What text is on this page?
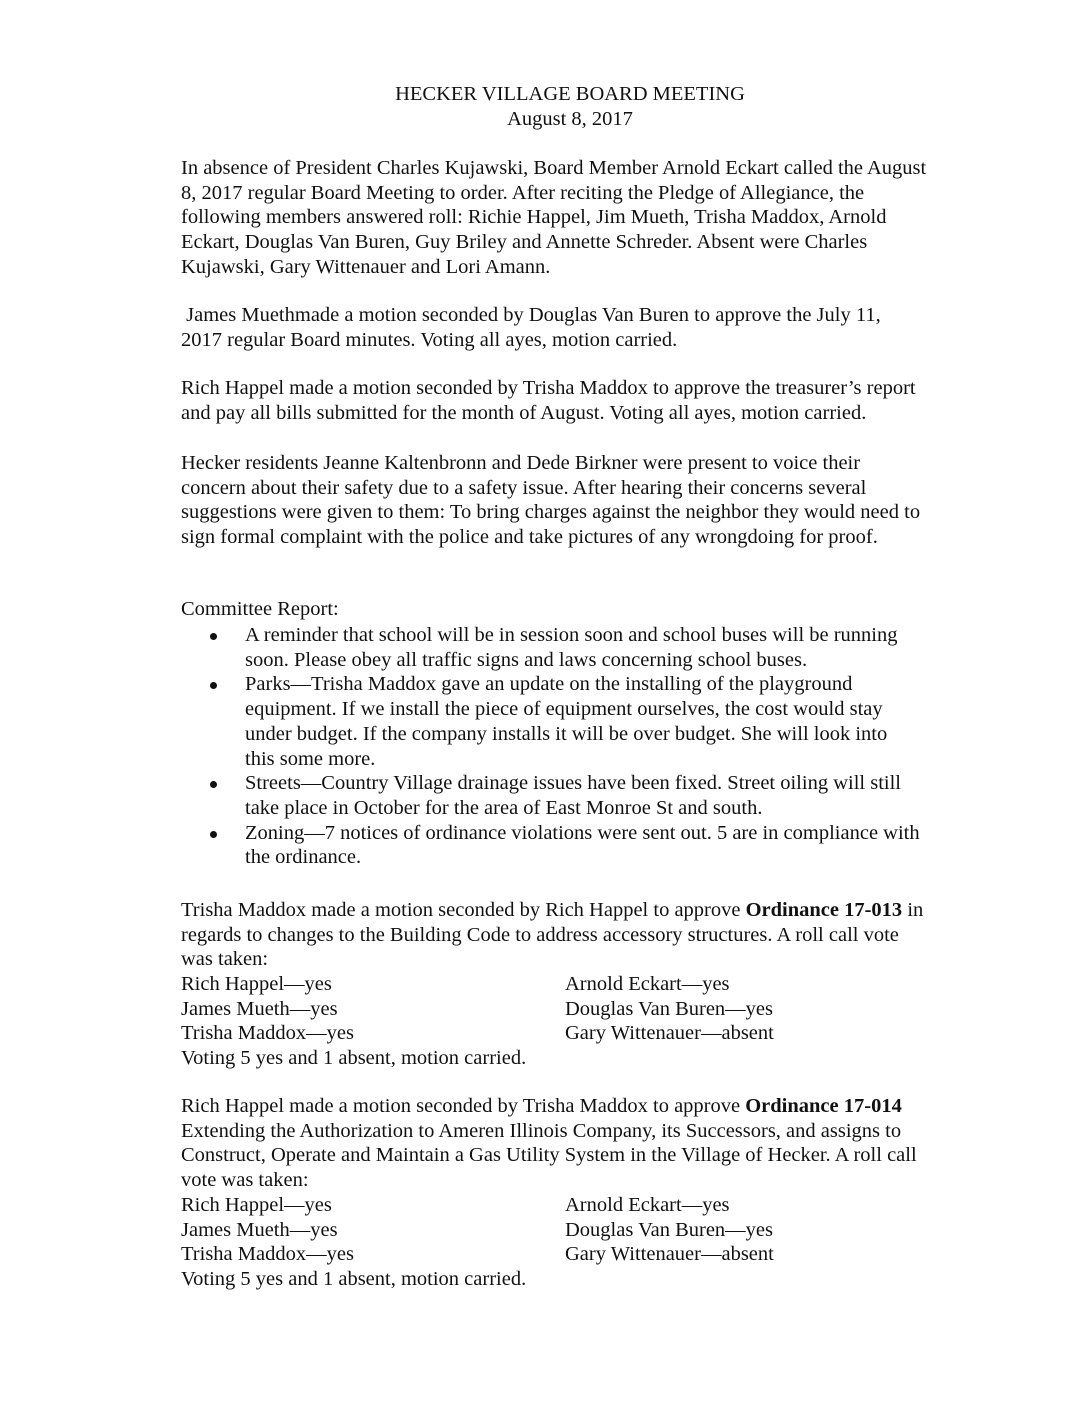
HECKER VILLAGE BOARD MEETING
August 8, 2017
In absence of President Charles Kujawski, Board Member Arnold Eckart called the August
8, 2017 regular Board Meeting to order. After reciting the Pledge of Allegiance, the
following members answered roll: Richie Happel, Jim Mueth, Trisha Maddox, Arnold
Eckart, Douglas Van Buren, Guy Briley and Annette Schreder. Absent were Charles
Kujawski, Gary Wittenauer and Lori Amann.
James Muethmade a motion seconded by Douglas Van Buren to approve the July 11,
2017 regular Board minutes. Voting all ayes, motion carried.
Rich Happel made a motion seconded by Trisha Maddox to approve the treasurer’s report
and pay all bills submitted for the month of August. Voting all ayes, motion carried.
Hecker residents Jeanne Kaltenbronn and Dede Birkner were present to voice their
concern about their safety due to a safety issue. After hearing their concerns several
suggestions were given to them: To bring charges against the neighbor they would need to
sign formal complaint with the police and take pictures of any wrongdoing for proof.
Committee Report:
A reminder that school will be in session soon and school buses will be running
soon. Please obey all traffic signs and laws concerning school buses.
Parks—Trisha Maddox gave an update on the installing of the playground
equipment. If we install the piece of equipment ourselves, the cost would stay
under budget. If the company installs it will be over budget. She will look into
this some more.
Streets—Country Village drainage issues have been fixed. Street oiling will still
take place in October for the area of East Monroe St and south.
Zoning—7 notices of ordinance violations were sent out. 5 are in compliance with
the ordinance.
Trisha Maddox made a motion seconded by Rich Happel to approve Ordinance 17-013 in
regards to changes to the Building Code to address accessory structures. A roll call vote
was taken:
Rich Happel—yes	Arnold Eckart—yes
James Mueth—yes	Douglas Van Buren—yes
Trisha Maddox—yes	Gary Wittenauer—absent
Voting 5 yes and 1 absent, motion carried.
Rich Happel made a motion seconded by Trisha Maddox to approve Ordinance 17-014
Extending the Authorization to Ameren Illinois Company, its Successors, and assigns to
Construct, Operate and Maintain a Gas Utility System in the Village of Hecker. A roll call
vote was taken:
Rich Happel—yes	Arnold Eckart—yes
James Mueth—yes	Douglas Van Buren—yes
Trisha Maddox—yes	Gary Wittenauer—absent
Voting 5 yes and 1 absent, motion carried.
